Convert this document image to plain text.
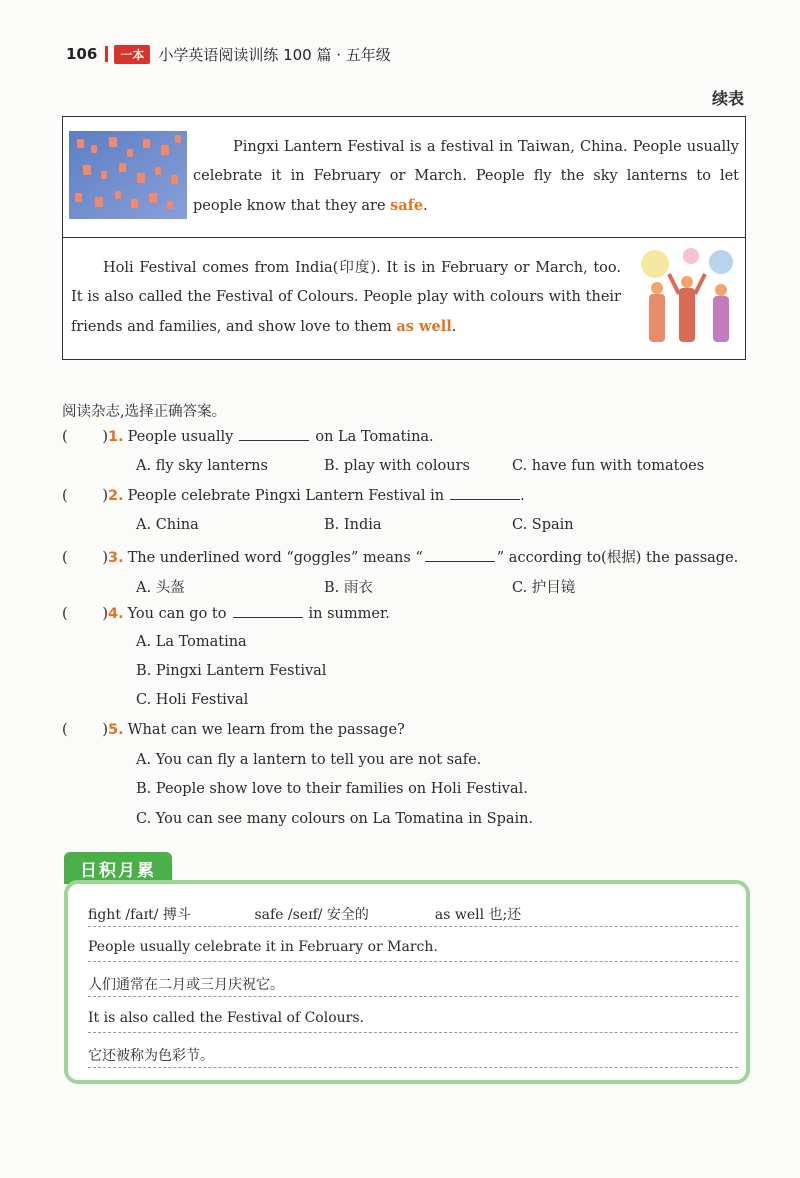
106	一本 小学英语阅读训练 100 篇 · 五年级
续表
Pingxi Lantern Festival is a festival in Taiwan, China. People usually celebrate it in February or March. People fly the sky lanterns to let people know that they are safe.
Holi Festival comes from India(印度). It is in February or March, too. It is also called the Festival of Colours. People play with colours with their friends and families, and show love to them as well.
阅读杂志,选择正确答案。
( ) 1. People usually	on La Tomatina.
A. fly sky lanterns	B. play with colours	C. have fun with tomatoes
( ) 2. People celebrate Pingxi Lantern Festival in	.
A. China	B. India	C. Spain
( ) 3. The underlined word “goggles” means “	” according to(根据) the passage.
A. 头盔	B. 雨衣	C. 护目镜
( ) 4. You can go to	in summer.
A. La Tomatina
B. Pingxi Lantern Festival
C. Holi Festival
( ) 5. What can we learn from the passage?
A. You can fly a lantern to tell you are not safe.
B. People show love to their families on Holi Festival.
C. You can see many colours on La Tomatina in Spain.
日积月累
fight /faɪt/ 搏斗	safe /seɪf/ 安全的	as well 也;还
People usually celebrate it in February or March.
人们通常在二月或三月庆祝它。
It is also called the Festival of Colours.
它还被称为色彩节。
